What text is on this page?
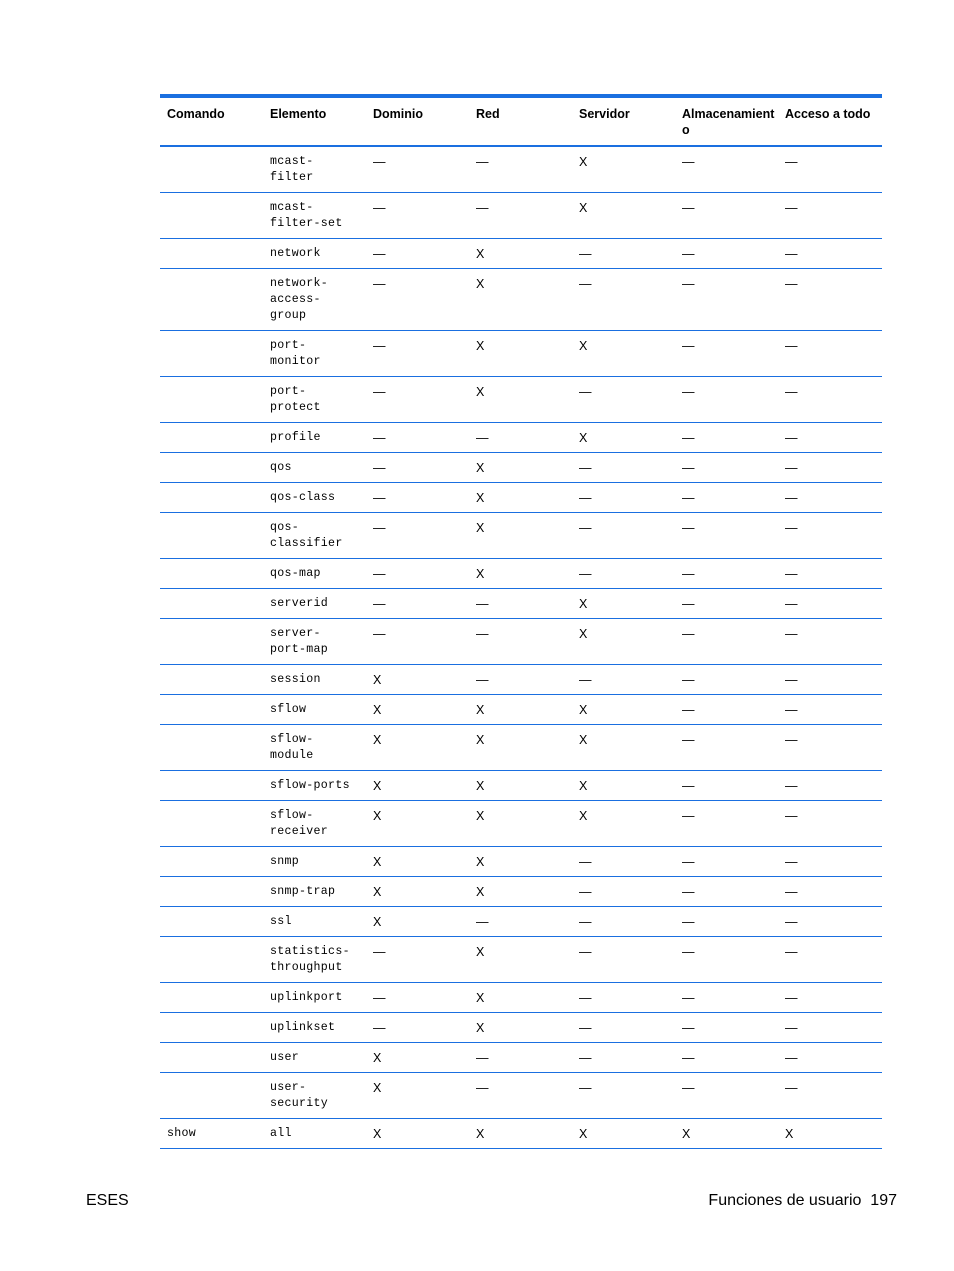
Comando	Elemento	Dominio	Red	Servidor	Almacenamient o	Acceso a todo
	mcast-
filter	—	—	X	—	—
	mcast-
filter-set	—	—	X	—	—
	network	—	X	—	—	—
	network-
access-
group	—	X	—	—	—
	port-
monitor	—	X	X	—	—
	port-
protect	—	X	—	—	—
	profile	—	—	X	—	—
	qos	—	X	—	—	—
	qos-class	—	X	—	—	—
	qos-
classifier	—	X	—	—	—
	qos-map	—	X	—	—	—
	serverid	—	—	X	—	—
	server-
port-map	—	—	X	—	—
	session	X	—	—	—	—
	sflow	X	X	X	—	—
	sflow-
module	X	X	X	—	—
	sflow-ports	X	X	X	—	—
	sflow-
receiver	X	X	X	—	—
	snmp	X	X	—	—	—
	snmp-trap	X	X	—	—	—
	ssl	X	—	—	—	—
	statistics-
throughput	—	X	—	—	—
	uplinkport	—	X	—	—	—
	uplinkset	—	X	—	—	—
	user	X	—	—	—	—
	user-
security	X	—	—	—	—
show	all	X	X	X	X	X
ESES	Funciones de usuario 197
